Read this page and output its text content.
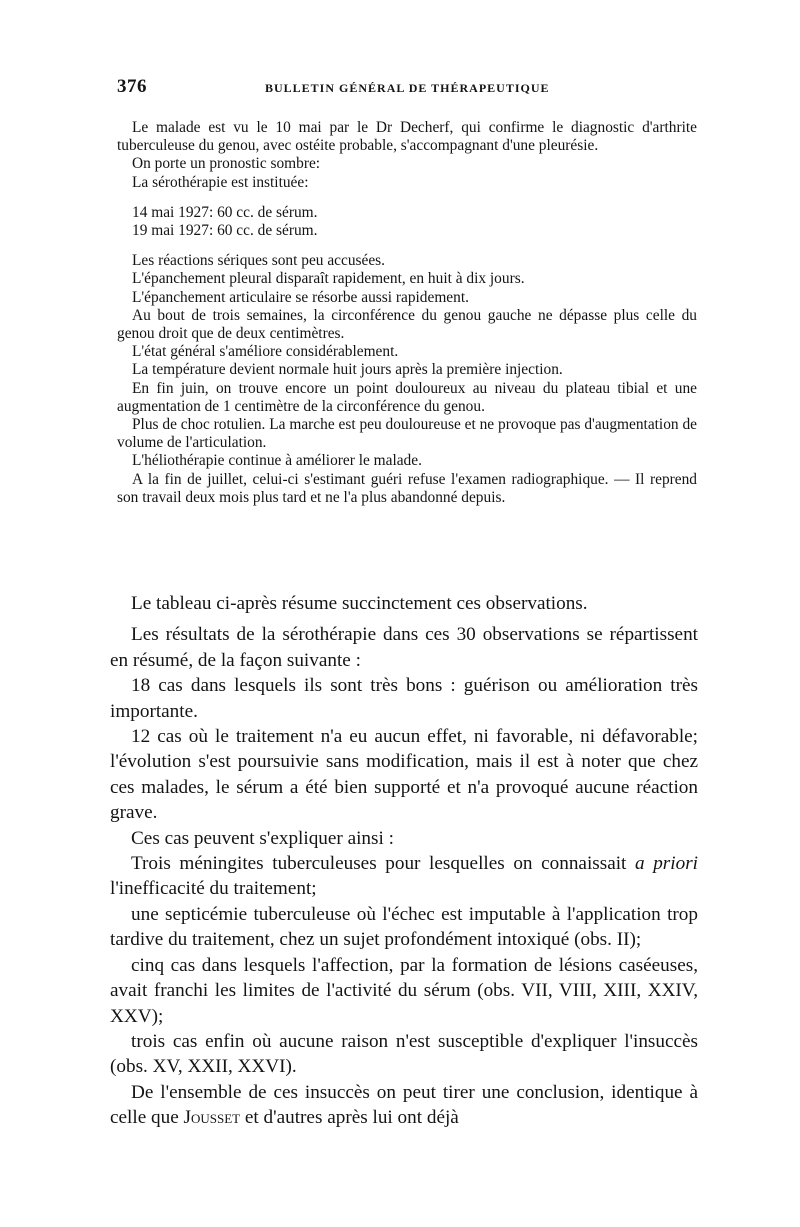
376	BULLETIN GÉNÉRAL DE THÉRAPEUTIQUE

Le malade est vu le 10 mai par le Dr Decherf, qui confirme le diagnostic d'arthrite tuberculeuse du genou, avec ostéite probable, s'accompagnant d'une pleurésie.

On porte un pronostic sombre:

La sérothérapie est instituée:

14 mai 1927: 60 cc. de sérum.

19 mai 1927: 60 cc. de sérum.

Les réactions sériques sont peu accusées.

L'épanchement pleural disparaît rapidement, en huit à dix jours.

L'épanchement articulaire se résorbe aussi rapidement.

Au bout de trois semaines, la circonférence du genou gauche ne dépasse plus celle du genou droit que de deux centimètres.

L'état général s'améliore considérablement.

La température devient normale huit jours après la première injection.

En fin juin, on trouve encore un point douloureux au niveau du plateau tibial et une augmentation de 1 centimètre de la circonférence du genou.

Plus de choc rotulien. La marche est peu douloureuse et ne provoque pas d'augmentation de volume de l'articulation.

L'héliothérapie continue à améliorer le malade.

A la fin de juillet, celui-ci s'estimant guéri refuse l'examen radiographique. — Il reprend son travail deux mois plus tard et ne l'a plus abandonné depuis.

Le tableau ci-après résume succinctement ces observations.

Les résultats de la sérothérapie dans ces 30 observations se répartissent en résumé, de la façon suivante :

18 cas dans lesquels ils sont très bons : guérison ou amélioration très importante.

12 cas où le traitement n'a eu aucun effet, ni favorable, ni défavorable; l'évolution s'est poursuivie sans modification, mais il est à noter que chez ces malades, le sérum a été bien supporté et n'a provoqué aucune réaction grave.

Ces cas peuvent s'expliquer ainsi :

Trois méningites tuberculeuses pour lesquelles on connaissait a priori l'inefficacité du traitement;

une septicémie tuberculeuse où l'échec est imputable à l'application trop tardive du traitement, chez un sujet profondément intoxiqué (obs. II);

cinq cas dans lesquels l'affection, par la formation de lésions caséeuses, avait franchi les limites de l'activité du sérum (obs. VII, VIII, XIII, XXIV, XXV);

trois cas enfin où aucune raison n'est susceptible d'expliquer l'insuccès (obs. XV, XXII, XXVI).

De l'ensemble de ces insuccès on peut tirer une conclusion, identique à celle que Jousset et d'autres après lui ont déjà
